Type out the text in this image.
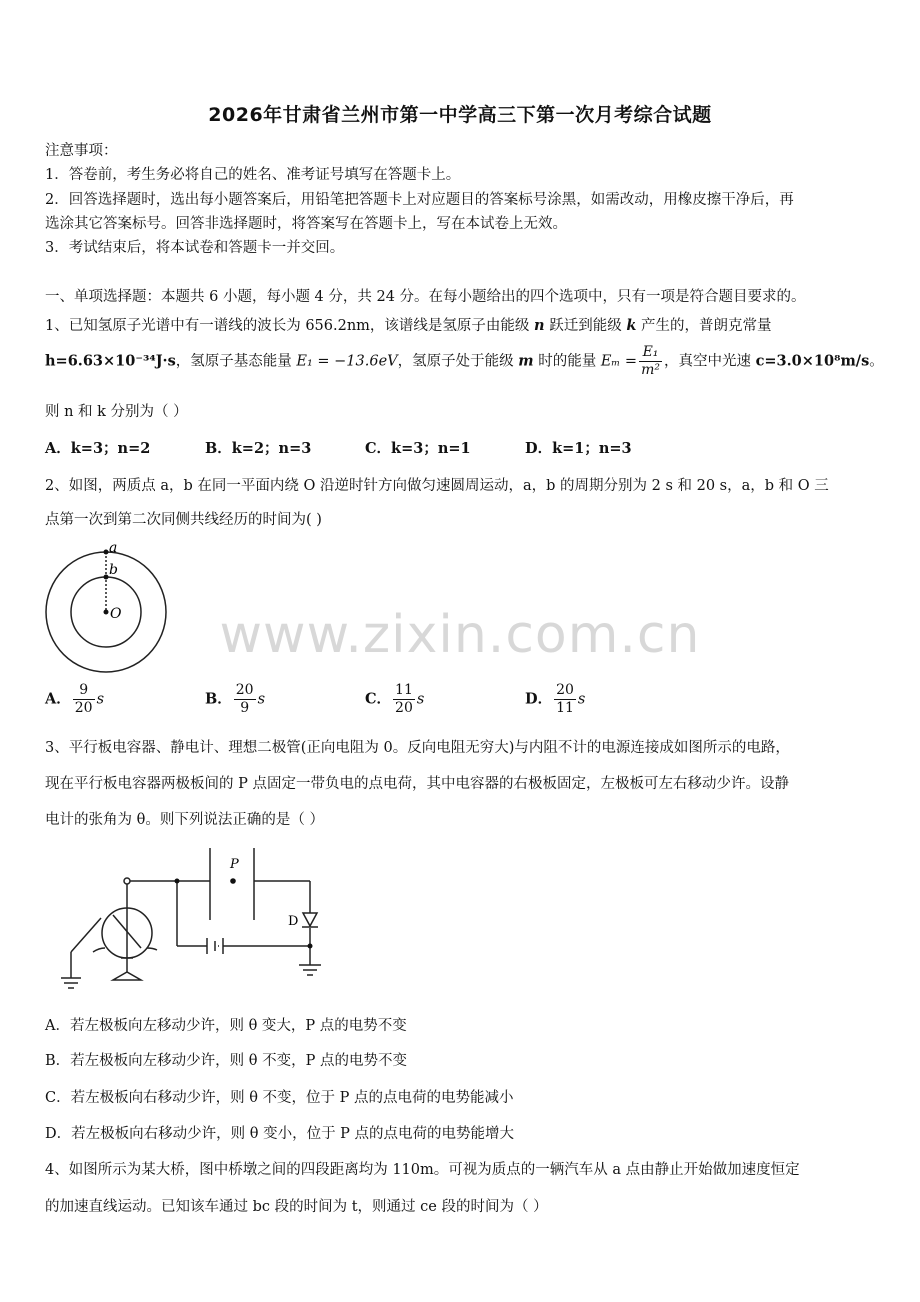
2026年甘肃省兰州市第一中学高三下第一次月考综合试题
注意事项：
1．答卷前，考生务必将自己的姓名、准考证号填写在答题卡上。
2．回答选择题时，选出每小题答案后，用铅笔把答题卡上对应题目的答案标号涂黑，如需改动，用橡皮擦干净后，再
选涂其它答案标号。回答非选择题时，将答案写在答题卡上，写在本试卷上无效。
3．考试结束后，将本试卷和答题卡一并交回。
一、单项选择题：本题共 6 小题，每小题 4 分，共 24 分。在每小题给出的四个选项中，只有一项是符合题目要求的。
1、已知氢原子光谱中有一谱线的波长为 656.2nm，该谱线是氢原子由能级 n 跃迁到能级 k 产生的，普朗克常量
h=6.63×10⁻³⁴J·s，氢原子基态能量 E₁ = −13.6eV，氢原子处于能级 m 时的能量 $E_m = \frac{\text{E₁}}{\text{m²}}$ ，真空中光速 c=3.0×10⁸m/s。
则 n 和 k 分别为（ ）
A．k=3；n=2	B．k=2；n=3	C．k=3；n=1	D．k=1；n=3
2、如图，两质点 a，b 在同一平面内绕 O 沿逆时针方向做匀速圆周运动，a，b 的周期分别为 2 s 和 20 s，a，b 和 O 三
点第一次到第二次同侧共线经历的时间为( )
a
b
O	www.zixin.com.cn
A． $\frac{9}{20}$ s	B． $\frac{20}{9}$ s	C． $\frac{11}{20}$ s	D． $\frac{20}{11}$ s
3、平行板电容器、静电计、理想二极管(正向电阻为 0。反向电阻无穷大)与内阻不计的电源连接成如图所示的电路，
现在平行板电容器两极板间的 P 点固定一带负电的点电荷，其中电容器的右极板固定，左极板可左右移动少许。设静
电计的张角为 θ。则下列说法正确的是（ ）
P
D
A．若左极板向左移动少许，则 θ 变大，P 点的电势不变
B．若左极板向左移动少许，则 θ 不变，P 点的电势不变
C．若左极板向右移动少许，则 θ 不变，位于 P 点的点电荷的电势能减小
D．若左极板向右移动少许，则 θ 变小，位于 P 点的点电荷的电势能增大
4、如图所示为某大桥，图中桥墩之间的四段距离均为 110m。可视为质点的一辆汽车从 a 点由静止开始做加速度恒定
的加速直线运动。已知该车通过 bc 段的时间为 t，则通过 ce 段的时间为（ ）
